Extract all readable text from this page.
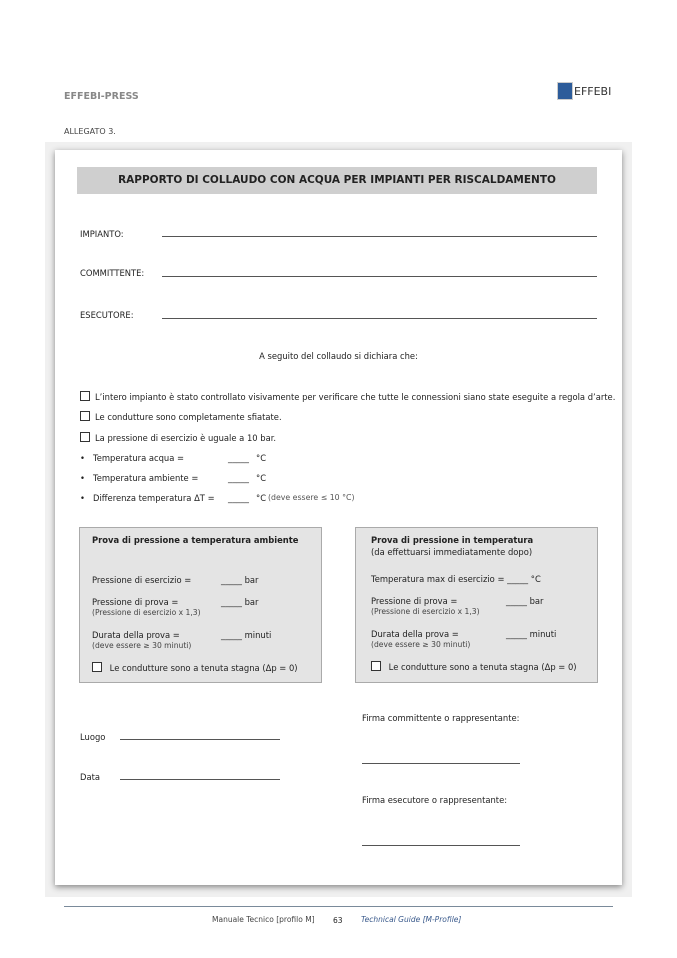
EFFEBI-PRESS	EFFEBI
ALLEGATO 3.
RAPPORTO DI COLLAUDO CON ACQUA PER IMPIANTI PER RISCALDAMENTO
IMPIANTO:
COMMITTENTE:
ESECUTORE:
A seguito del collaudo si dichiara che:
L’intero impianto è stato controllato visivamente per verificare che tutte le connessioni siano state eseguite a regola d’arte.
Le condutture sono completamente sfiatate.
La pressione di esercizio è uguale a 10 bar.
• Temperatura acqua =	_____ °C
• Temperatura ambiente =	_____ °C
• Differenza temperatura ΔT = _____ °C (deve essere ≤ 10 °C)
Prova di pressione a temperatura ambiente
Pressione di esercizio =	_____ bar
Pressione di prova =
(Pressione di esercizio x 1,3)
_____ bar
Durata della prova =
(deve essere ≥ 30 minuti)
_____ minuti
Le condutture sono a tenuta stagna (Δp = 0)
Prova di pressione in temperatura
(da effettuarsi immediatamente dopo)
Temperatura max di esercizio = _____ °C
Pressione di prova =
(Pressione di esercizio x 1,3)
_____ bar
Durata della prova =
(deve essere ≥ 30 minuti)
_____ minuti
Le condutture sono a tenuta stagna (Δp = 0)
Luogo
Data
Firma committente o rappresentante:
Firma esecutore o rappresentante:
Manuale Tecnico [profilo M] 63 Technical Guide [M-Profile]
